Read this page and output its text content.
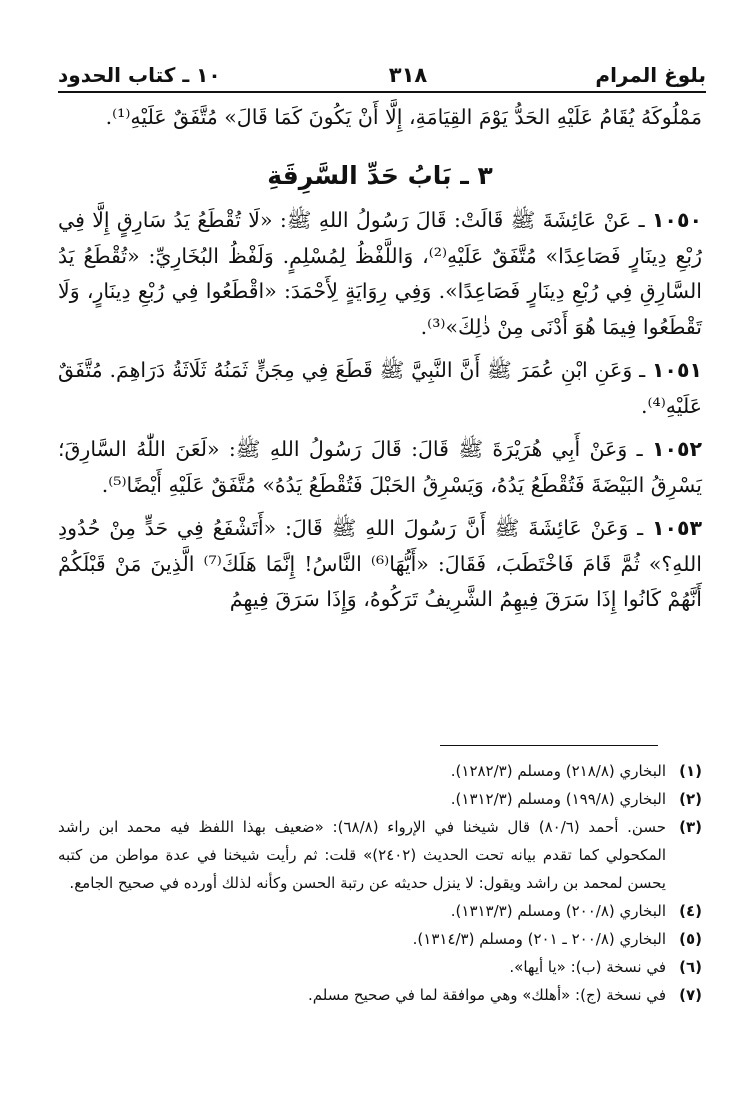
١٠ ـ كتاب الحدود	٣١٨	بلوغ المرام

مَمْلُوكَهُ يُقَامُ عَلَيْهِ الحَدُّ يَوْمَ القِيَامَةِ، إِلَّا أَنْ يَكُونَ كَمَا قَالَ» مُتَّفَقٌ عَلَيْهِ⁽¹⁾.

٣ ـ بَابُ حَدِّ السَّرِقَةِ

١٠٥٠ ـ عَنْ عَائِشَةَ ﷺ قَالَتْ: قَالَ رَسُولُ اللهِ ﷺ: «لَا تُقْطَعُ يَدُ سَارِقٍ إِلَّا فِي رُبْعِ دِينَارٍ فَصَاعِدًا» مُتَّفَقٌ عَلَيْهِ⁽²⁾، وَاللَّفْظُ لِمُسْلِمٍ. وَلَفْظُ البُخَارِيِّ: «تُقْطَعُ يَدُ السَّارِقِ فِي رُبْعِ دِينَارٍ فَصَاعِدًا». وَفِي رِوَايَةٍ لِأَحْمَدَ: «اقْطَعُوا فِي رُبْعِ دِينَارٍ، وَلَا تَقْطَعُوا فِيمَا هُوَ أَدْنَى مِنْ ذٰلِكَ»⁽³⁾.

١٠٥١ ـ وَعَنِ ابْنِ عُمَرَ ﷺ أَنَّ النَّبِيَّ ﷺ قَطَعَ فِي مِجَنٍّ ثَمَنُهُ ثَلَاثَةُ دَرَاهِمَ. مُتَّفَقٌ عَلَيْهِ⁽⁴⁾.

١٠٥٢ ـ وَعَنْ أَبِي هُرَيْرَةَ ﷺ قَالَ: قَالَ رَسُولُ اللهِ ﷺ: «لَعَنَ اللّٰهُ السَّارِقَ؛ يَسْرِقُ البَيْضَةَ فَتُقْطَعُ يَدُهُ، وَيَسْرِقُ الحَبْلَ فَتُقْطَعُ يَدُهُ» مُتَّفَقٌ عَلَيْهِ أَيْضًا⁽⁵⁾.

١٠٥٣ ـ وَعَنْ عَائِشَةَ ﷺ أَنَّ رَسُولَ اللهِ ﷺ قَالَ: «أَتَشْفَعُ فِي حَدٍّ مِنْ حُدُودِ اللهِ؟» ثُمَّ قَامَ فَاخْتَطَبَ، فَقَالَ: «أَيُّهَا⁽⁶⁾ النَّاسُ! إِنَّمَا هَلَكَ⁽⁷⁾ الَّذِينَ مَنْ قَبْلَكُمْ أَنَّهُمْ كَانُوا إِذَا سَرَقَ فِيهِمُ الشَّرِيفُ تَرَكُوهُ، وَإِذَا سَرَقَ فِيهِمُ

(١)
البخاري (٢١٨/٨) ومسلم (١٢٨٢/٣).
(٢)
البخاري (١٩٩/٨) ومسلم (١٣١٢/٣).
(٣)
حسن. أحمد (٨٠/٦) قال شيخنا في الإرواء (٦٨/٨): «ضعيف بهذا اللفظ فيه محمد ابن راشد المكحولي كما تقدم بيانه تحت الحديث (٢٤٠٢)» قلت: ثم رأيت شيخنا في عدة مواطن من كتبه يحسن لمحمد بن راشد ويقول: لا ينزل حديثه عن رتبة الحسن وكأنه لذلك أورده في صحيح الجامع.
(٤)
البخاري (٢٠٠/٨) ومسلم (١٣١٣/٣).
(٥)
البخاري (٢٠٠/٨ ـ ٢٠١) ومسلم (١٣١٤/٣).
(٦)
في نسخة (ب): «يا أيها».
(٧)
في نسخة (ج): «أهلك» وهي موافقة لما في صحيح مسلم.
